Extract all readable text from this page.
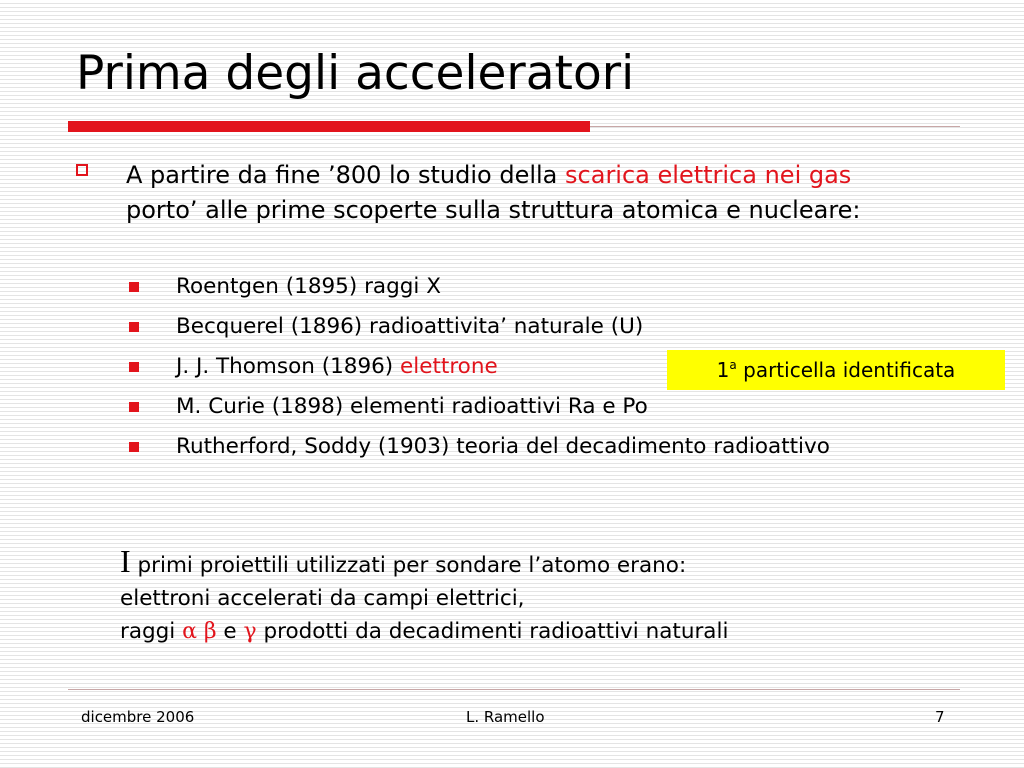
Prima degli acceleratori
A partire da fine ’800 lo studio della scarica elettrica nei gas porto’ alle prime scoperte sulla struttura atomica e nucleare:
Roentgen (1895) raggi X
Becquerel (1896) radioattivita’ naturale (U)
J. J. Thomson (1896) elettrone
M. Curie (1898) elementi radioattivi Ra e Po
Rutherford, Soddy (1903) teoria del decadimento radioattivo
1$^a$ particella identificata
I primi proiettili utilizzati per sondare l’atomo erano:
elettroni accelerati da campi elettrici,
raggi α β e γ prodotti da decadimenti radioattivi naturali
dicembre 2006	L. Ramello	7
